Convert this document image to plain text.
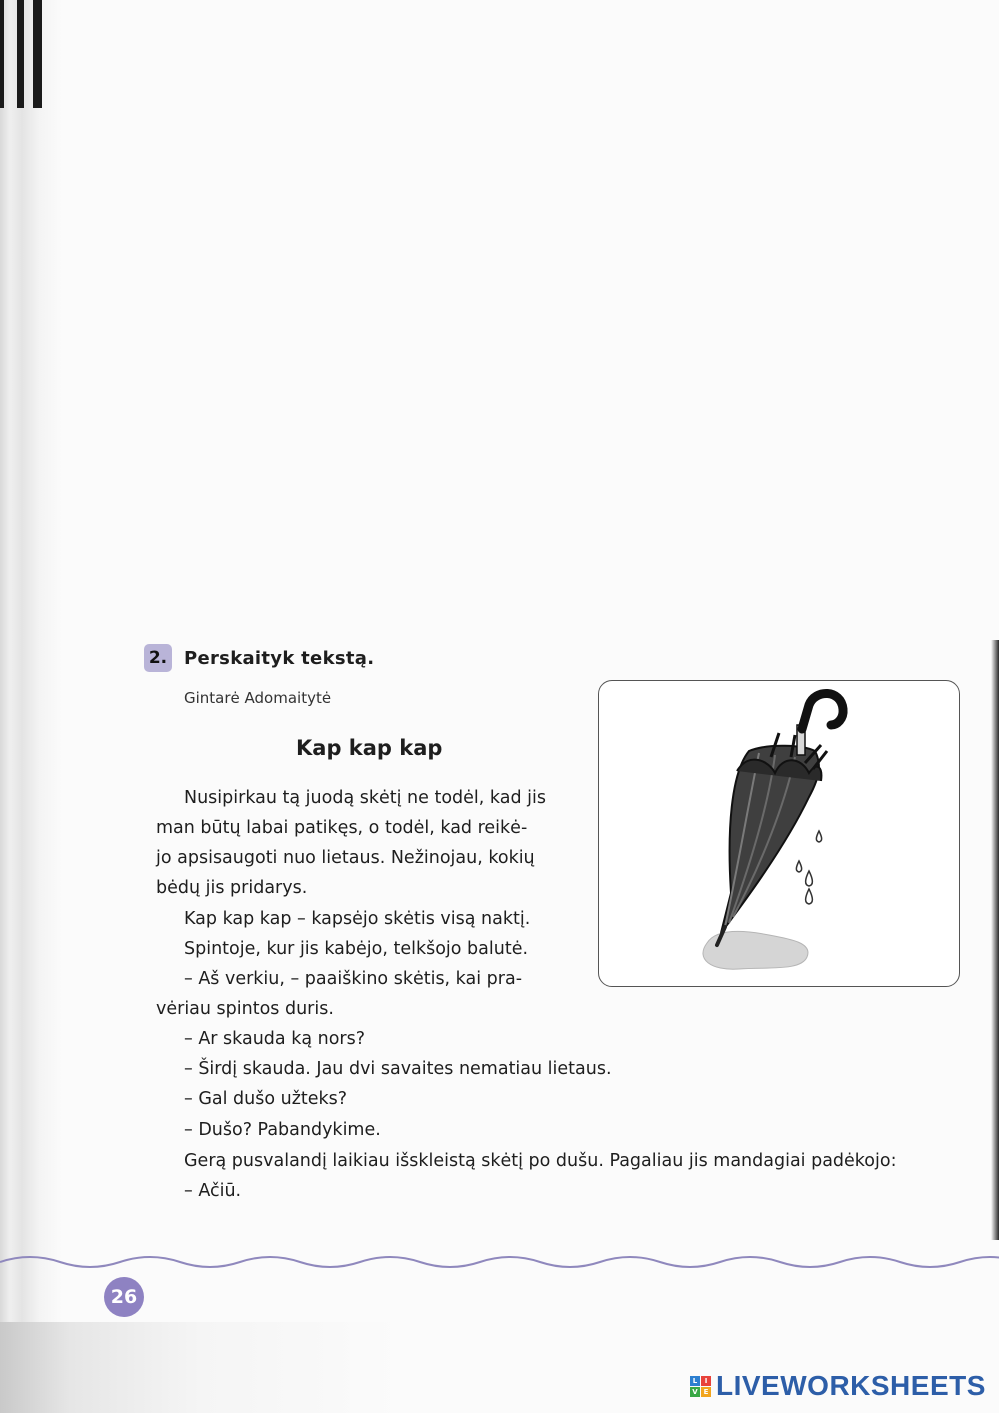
2. Perskaityk tekstą.
Gintarė Adomaitytė
Kap kap kap
Nusipirkau tą juodą skėtį ne todėl, kad jis
man būtų labai patikęs, o todėl, kad reikė-
jo apsisaugoti nuo lietaus. Nežinojau, kokių
bėdų jis pridarys.
Kap kap kap – kapsėjo skėtis visą naktį.
Spintoje, kur jis kabėjo, telkšojo balutė.
– Aš verkiu, – paaiškino skėtis, kai pra-
vėriau spintos duris.
– Ar skauda ką nors?
– Širdį skauda. Jau dvi savaites nematiau lietaus.
– Gal dušo užteks?
– Dušo? Pabandykime.
Gerą pusvalandį laikiau išskleistą skėtį po dušu. Pagaliau jis mandagiai padėkojo:
– Ačiū.
26
L	I
V E LIVEWORKSHEETS
